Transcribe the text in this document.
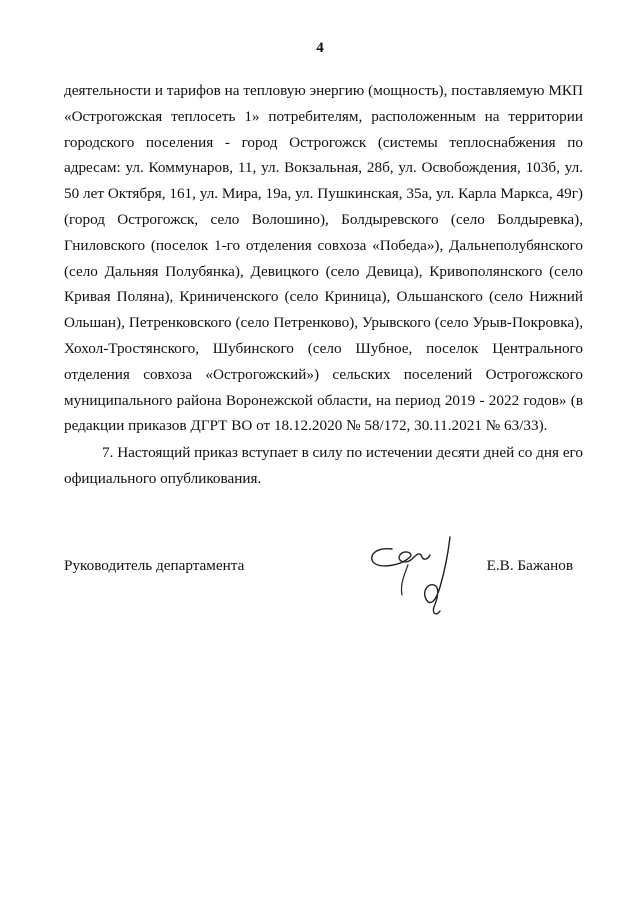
4

деятельности и тарифов на тепловую энергию (мощность), поставляемую МКП «Острогожская теплосеть 1» потребителям, расположенным на территории городского поселения - город Острогожск (системы теплоснабжения по адресам: ул. Коммунаров, 11, ул. Вокзальная, 28б, ул. Освобождения, 103б, ул. 50 лет Октября, 161, ул. Мира, 19а, ул. Пушкинская, 35а, ул. Карла Маркса, 49г) (город Острогожск, село Волошино), Болдыревского (село Болдыревка), Гниловского (поселок 1-го отделения совхоза «Победа»), Дальнеполубянского (село Дальняя Полубянка), Девицкого (село Девица), Кривополянского (село Кривая Поляна), Криниченского (село Криница), Ольшанского (село Нижний Ольшан), Петренковского (село Петренково), Урывского (село Урыв-Покровка), Хохол-Тростянского, Шубинского (село Шубное, поселок Центрального отделения совхоза «Острогожский») сельских поселений Острогожского муниципального района Воронежской области, на период 2019 - 2022 годов» (в редакции приказов ДГРТ ВО от 18.12.2020 № 58/172, 30.11.2021 № 63/33).

7. Настоящий приказ вступает в силу по истечении десяти дней со дня его официального опубликования.

Руководитель департамента	Е.В. Бажанов
